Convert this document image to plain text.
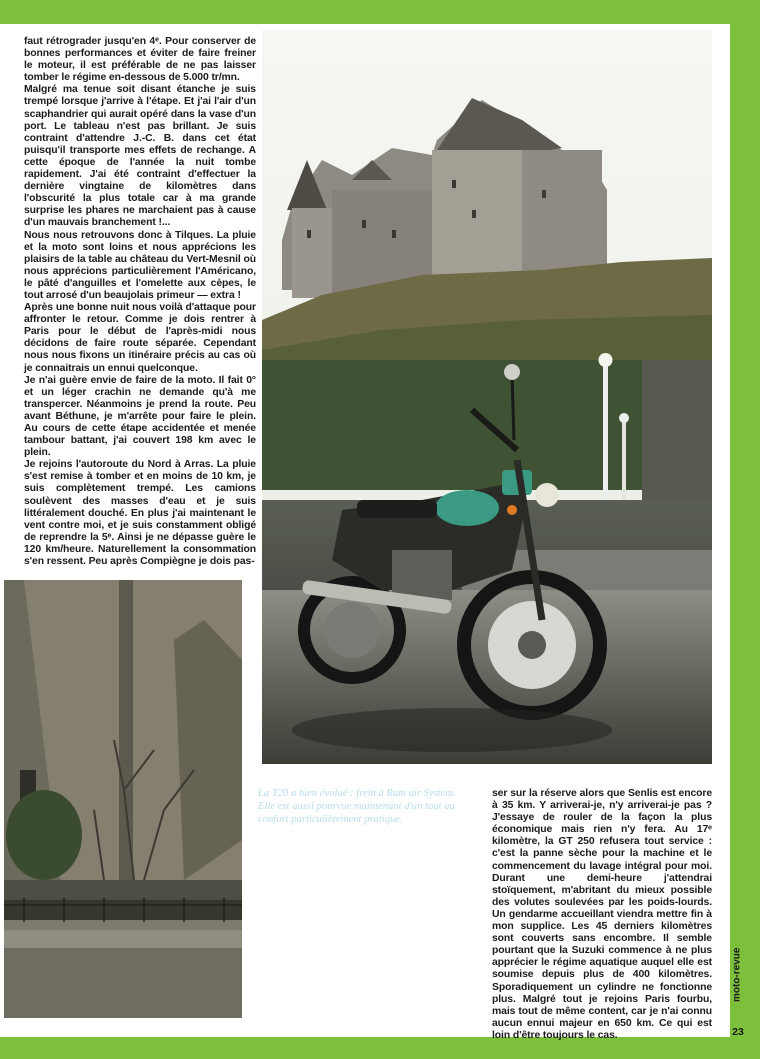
faut rétrograder jusqu'en 4ᵉ. Pour conserver de bonnes performances et éviter de faire freiner le moteur, il est préférable de ne pas laisser tomber le régime en-dessous de 5.000 tr/mn.

Malgré ma tenue soit disant étanche je suis trempé lorsque j'arrive à l'étape. Et j'ai l'air d'un scaphandrier qui aurait opéré dans la vase d'un port. Le tableau n'est pas brillant. Je suis contraint d'attendre J.-C. B. dans cet état puisqu'il transporte mes effets de rechange. A cette époque de l'année la nuit tombe rapidement. J'ai été contraint d'effectuer la dernière vingtaine de kilomètres dans l'obscurité la plus totale car à ma grande surprise les phares ne marchaient pas à cause d'un mauvais branchement !...

Nous nous retrouvons donc à Tilques. La pluie et la moto sont loins et nous apprécions les plaisirs de la table au château du Vert-Mesnil où nous apprécions particulièrement l'Américano, le pâté d'anguilles et l'omelette aux cèpes, le tout arrosé d'un beaujolais primeur — extra !

Après une bonne nuit nous voilà d'attaque pour affronter le retour. Comme je dois rentrer à Paris pour le début de l'après-midi nous décidons de faire route séparée. Cependant nous nous fixons un itinéraire précis au cas où je connaitrais un ennui quelconque.

Je n'ai guère envie de faire de la moto. Il fait 0° et un léger crachin ne demande qu'à me transpercer. Néanmoins je prend la route. Peu avant Béthune, je m'arrête pour faire le plein. Au cours de cette étape accidentée et menée tambour battant, j'ai couvert 198 km avec le plein.

Je rejoins l'autoroute du Nord à Arras. La pluie s'est remise à tomber et en moins de 10 km, je suis complètement trempé. Les camions soulèvent des masses d'eau et je suis littéralement douché. En plus j'ai maintenant le vent contre moi, et je suis constamment obligé de reprendre la 5ᵉ. Ainsi je ne dépasse guère le 120 km/heure. Naturellement la consommation s'en ressent. Peu après Compiègne je dois pas-

La T20 a bien évolué : frein à Ram air System. Elle est aussi pourvue maintenant d'un tout au confort particulièrement pratique.

ser sur la réserve alors que Senlis est encore à 35 km. Y arriverai-je, n'y arriverai-je pas ? J'essaye de rouler de la façon la plus économique mais rien n'y fera. Au 17ᵉ kilomètre, la GT 250 refusera tout service : c'est la panne sèche pour la machine et le commencement du lavage intégral pour moi. Durant une demi-heure j'attendrai stoïquement, m'abritant du mieux possible des volutes soulevées par les poids-lourds. Un gendarme accueillant viendra mettre fin à mon supplice. Les 45 derniers kilomètres sont couverts sans encombre. Il semble pourtant que la Suzuki commence à ne plus apprécier le régime aquatique auquel elle est soumise depuis plus de 400 kilomètres. Sporadiquement un cylindre ne fonctionne plus. Malgré tout je rejoins Paris fourbu, mais tout de même content, car je n'ai connu aucun ennui majeur en 650 km. Ce qui est loin d'être toujours le cas.

moto-revue
23
